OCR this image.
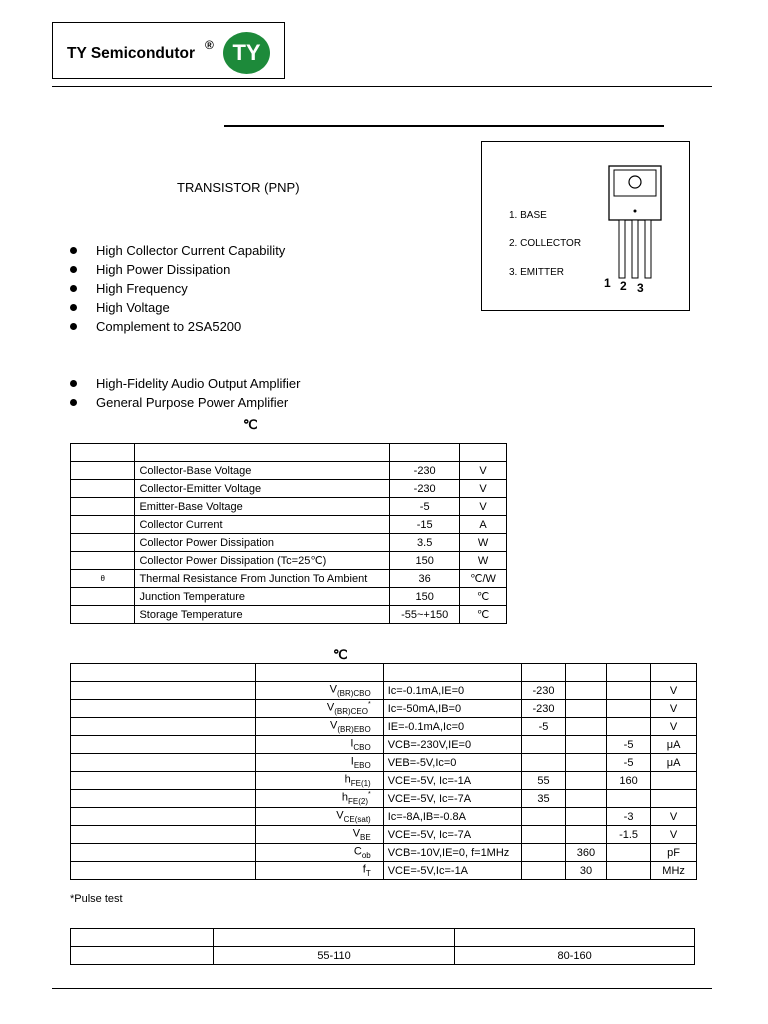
TY Semicondutor ® TY
TRANSISTOR (PNP)
1. BASE
2. COLLECTOR
3. EMITTER
1 2 3
High Collector Current Capability
High Power Dissipation
High Frequency
High Voltage
Complement to 2SA5200
High-Fidelity Audio Output Amplifier
General Purpose Power Amplifier
℃

	Collector-Base Voltage	-230	V
	Collector-Emitter Voltage	-230	V
	Emitter-Base Voltage	-5	V
	Collector Current	-15	A
	Collector Power Dissipation	3.5	W
	Collector Power Dissipation (Tc=25℃)	150	W
θ	Thermal Resistance From Junction To Ambient	36	℃/W
	Junction Temperature	150	℃
	Storage Temperature	-55~+150	℃
℃

	$V_{(BR)CBO}$	Ic=-0.1mA,IE=0	-230			V
	$V_{(BR)CEO}^*$	Ic=-50mA,IB=0	-230			V
	$V_{(BR)EBO}$	IE=-0.1mA,Ic=0	-5			V
	$I_{CBO}$	VCB=-230V,IE=0			-5	μA
	$I_{EBO}$	VEB=-5V,Ic=0			-5	μA
	$h_{FE(1)}$	VCE=-5V, Ic=-1A	55		160	
	$h_{FE(2)}^*$	VCE=-5V, Ic=-7A	35			
	$V_{CE(sat)}$	Ic=-8A,IB=-0.8A			-3	V
	$V_{BE}$	VCE=-5V, Ic=-7A			-1.5	V
	$C_{ob}$	VCB=-10V,IE=0, f=1MHz		360		pF
	$f_T$	VCE=-5V,Ic=-1A		30		MHz
*Pulse test

	55-110	80-160
